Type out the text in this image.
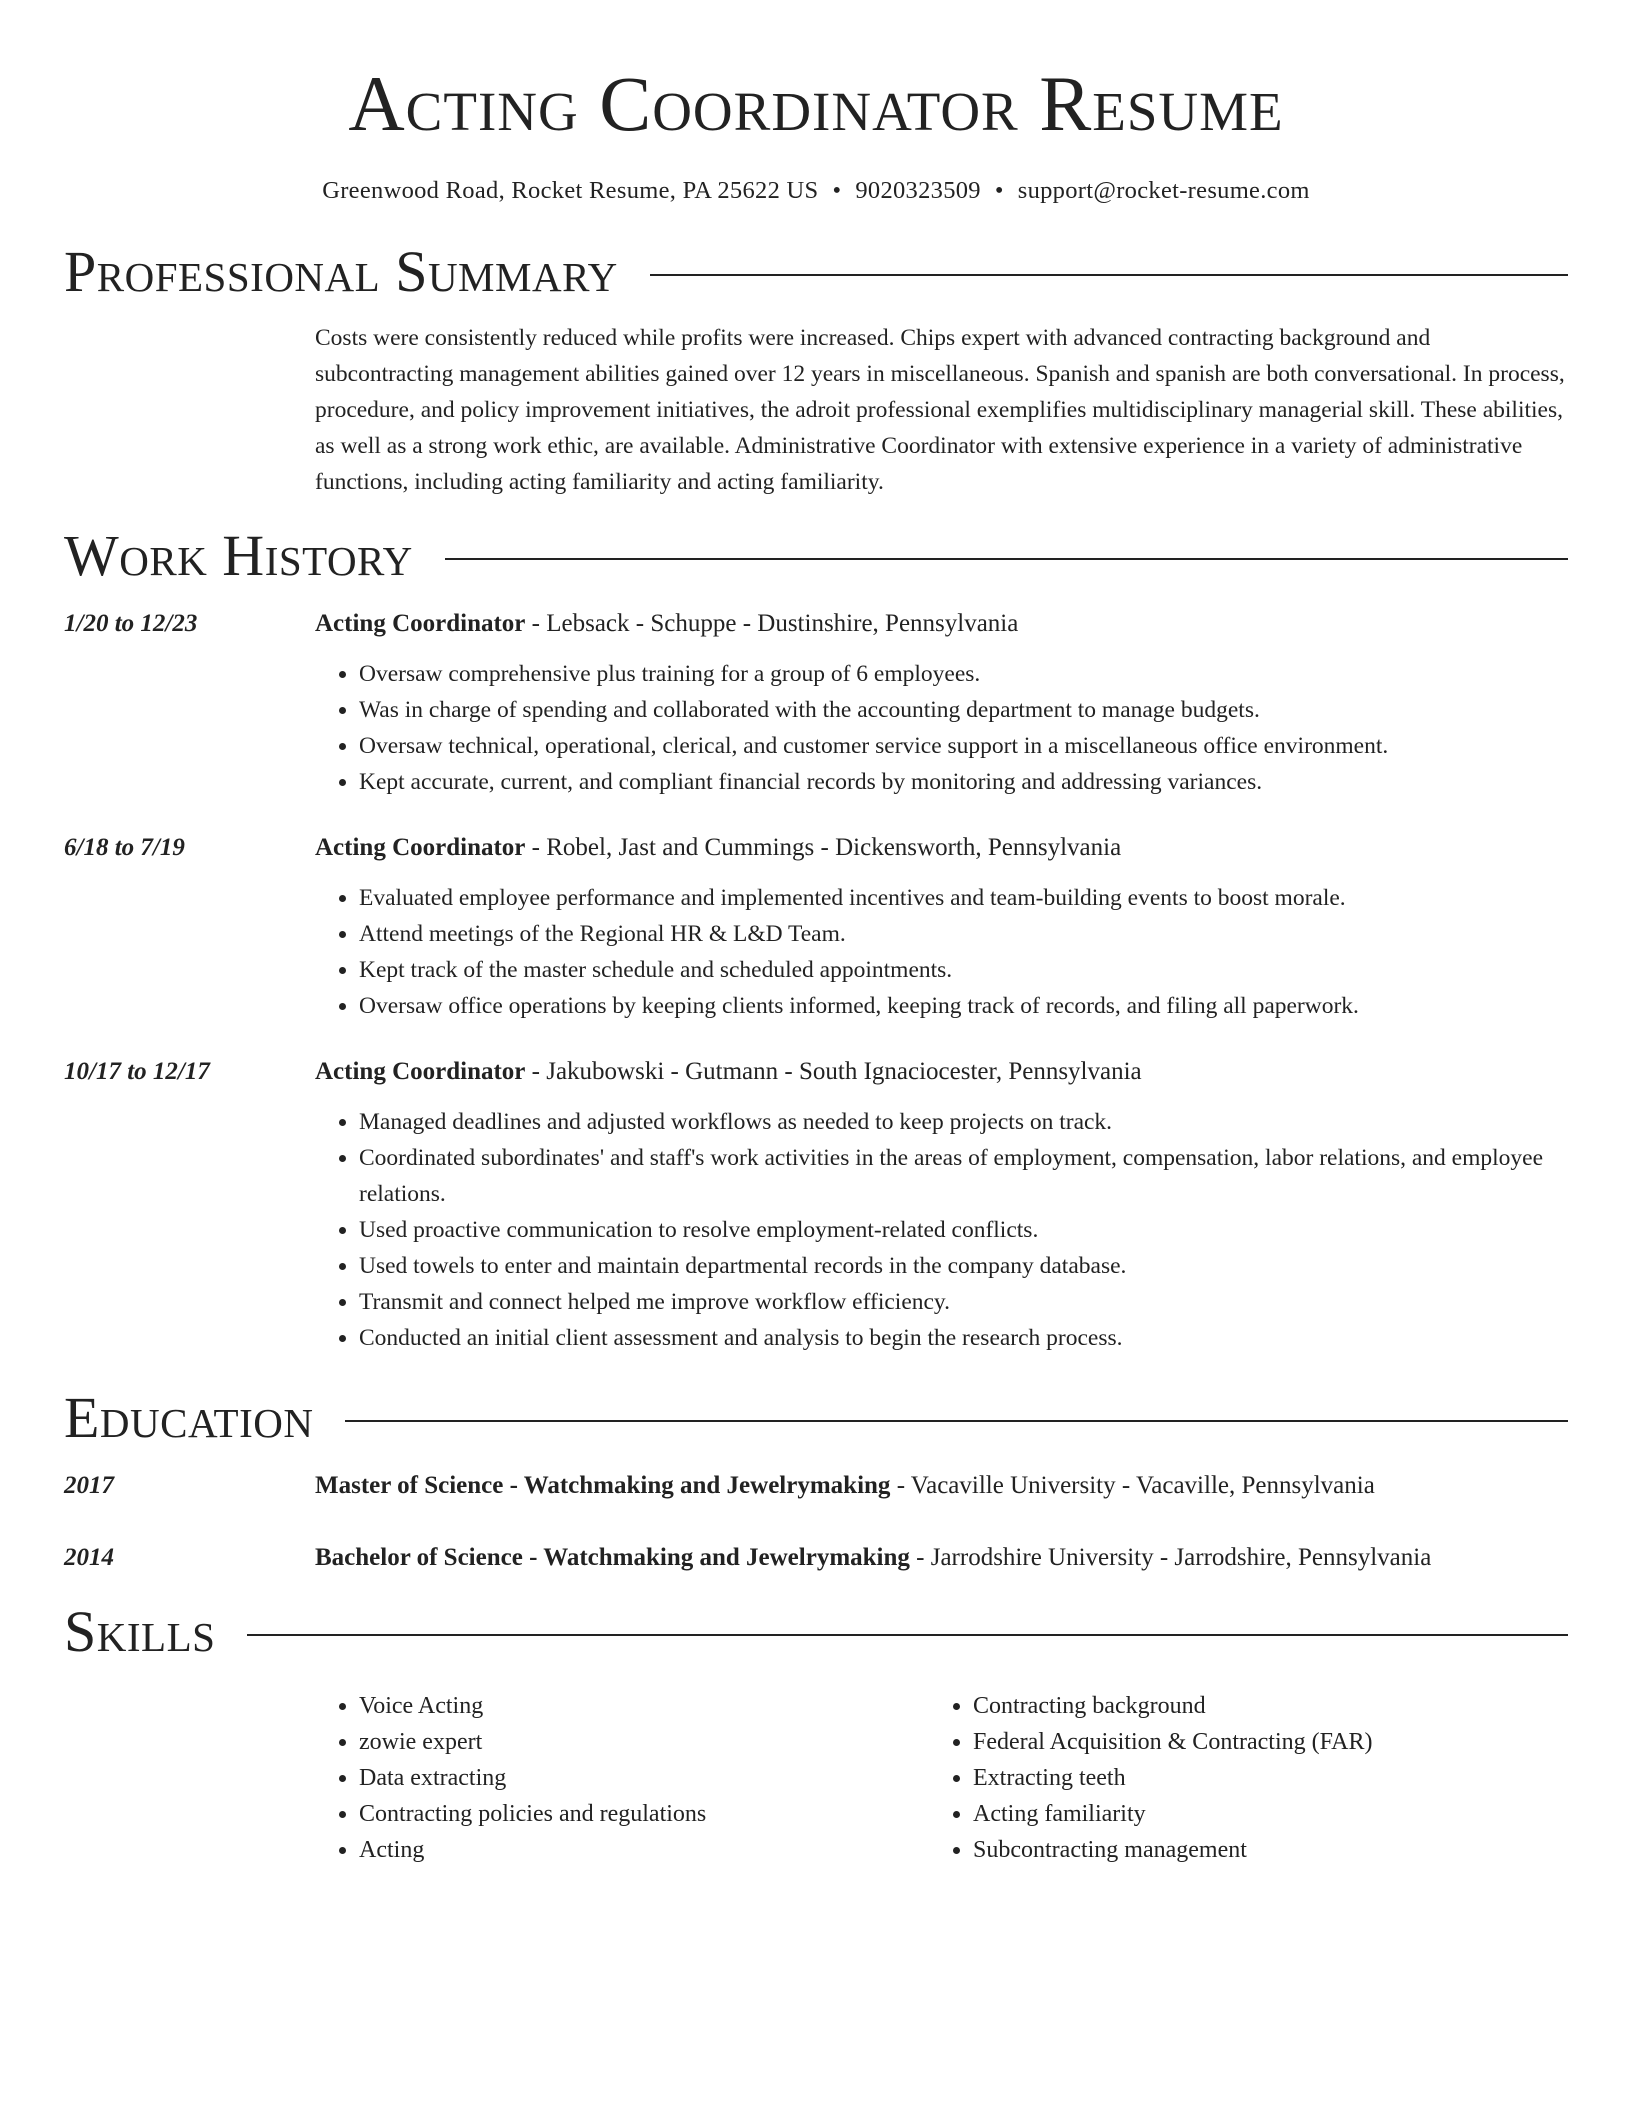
Acting Coordinator Resume
Greenwood Road, Rocket Resume, PA 25622 US • 9020323509 • support@rocket-resume.com
Professional Summary
Costs were consistently reduced while profits were increased. Chips expert with advanced contracting background and subcontracting management abilities gained over 12 years in miscellaneous. Spanish and spanish are both conversational. In process, procedure, and policy improvement initiatives, the adroit professional exemplifies multidisciplinary managerial skill. These abilities, as well as a strong work ethic, are available. Administrative Coordinator with extensive experience in a variety of administrative functions, including acting familiarity and acting familiarity.
Work History
1/20 to 12/23	Acting Coordinator - Lebsack - Schuppe - Dustinshire, Pennsylvania
• Oversaw comprehensive plus training for a group of 6 employees.
• Was in charge of spending and collaborated with the accounting department to manage budgets.
• Oversaw technical, operational, clerical, and customer service support in a miscellaneous office environment.
• Kept accurate, current, and compliant financial records by monitoring and addressing variances.
6/18 to 7/19	Acting Coordinator - Robel, Jast and Cummings - Dickensworth, Pennsylvania
• Evaluated employee performance and implemented incentives and team-building events to boost morale.
• Attend meetings of the Regional HR & L&D Team.
• Kept track of the master schedule and scheduled appointments.
• Oversaw office operations by keeping clients informed, keeping track of records, and filing all paperwork.
10/17 to 12/17	Acting Coordinator - Jakubowski - Gutmann - South Ignaciocester, Pennsylvania
• Managed deadlines and adjusted workflows as needed to keep projects on track.
• Coordinated subordinates' and staff's work activities in the areas of employment, compensation, labor relations, and employee relations.
• Used proactive communication to resolve employment-related conflicts.
• Used towels to enter and maintain departmental records in the company database.
• Transmit and connect helped me improve workflow efficiency.
• Conducted an initial client assessment and analysis to begin the research process.
Education
2017	Master of Science - Watchmaking and Jewelrymaking - Vacaville University - Vacaville, Pennsylvania
2014	Bachelor of Science - Watchmaking and Jewelrymaking - Jarrodshire University - Jarrodshire, Pennsylvania
Skills
• Voice Acting
• zowie expert
• Data extracting
• Contracting policies and regulations
• Acting
• Contracting background
• Federal Acquisition & Contracting (FAR)
• Extracting teeth
• Acting familiarity
• Subcontracting management
